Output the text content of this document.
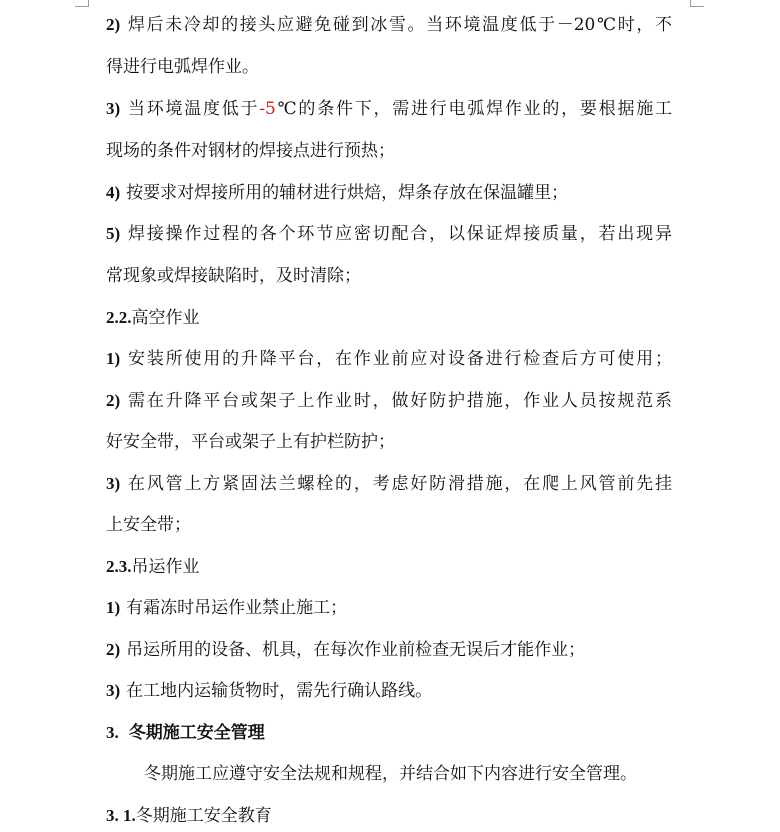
2) 焊后未冷却的接头应避免碰到冰雪。当环境温度低于－20℃时，不
得进行电弧焊作业。
3) 当环境温度低于-5℃的条件下，需进行电弧焊作业的，要根据施工
现场的条件对钢材的焊接点进行预热；
4) 按要求对焊接所用的辅材进行烘焙，焊条存放在保温罐里；
5) 焊接操作过程的各个环节应密切配合，以保证焊接质量，若出现异
常现象或焊接缺陷时，及时清除；
2.2.高空作业
1) 安装所使用的升降平台，在作业前应对设备进行检查后方可使用；
2) 需在升降平台或架子上作业时，做好防护措施，作业人员按规范系
好安全带，平台或架子上有护栏防护；
3) 在风管上方紧固法兰螺栓的，考虑好防滑措施，在爬上风管前先挂
上安全带；
2.3.吊运作业
1) 有霜冻时吊运作业禁止施工；
2) 吊运所用的设备、机具，在每次作业前检查无误后才能作业；
3) 在工地内运输货物时，需先行确认路线。
3. 冬期施工安全管理
冬期施工应遵守安全法规和规程，并结合如下内容进行安全管理。
3. 1.冬期施工安全教育
